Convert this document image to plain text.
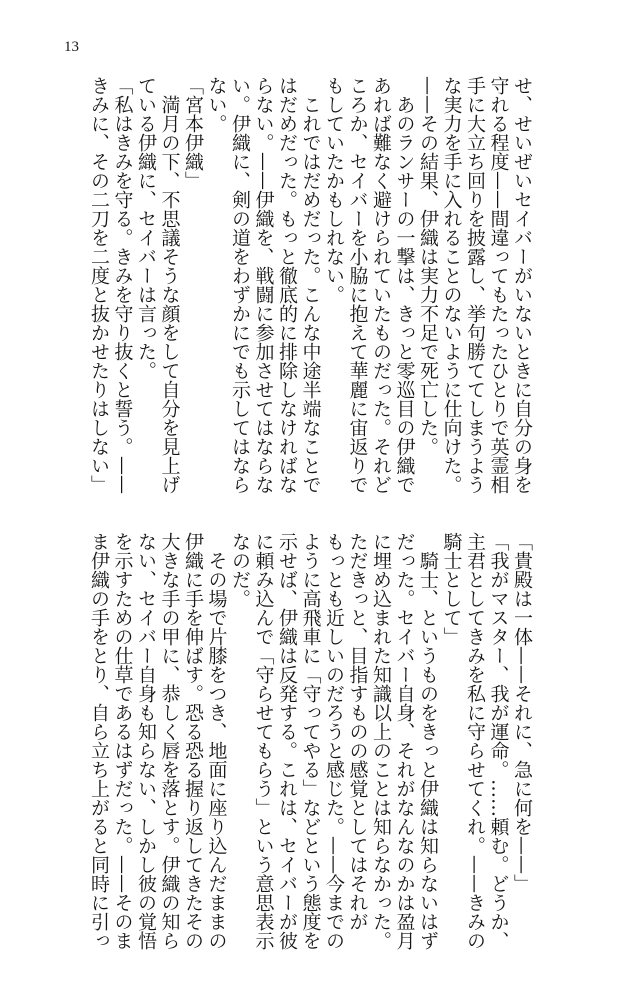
13
せ、せいぜいセイバーがいないときに自分の身を
守れる程度——間違ってもたったひとりで英霊相
手に大立ち回りを披露し、挙句勝ててしまうよう
な実力を手に入れることのないように仕向けた。
——その結果、伊織は実力不足で死亡した。
あのランサーの一撃は、きっと零巡目の伊織で
あれば難なく避けられていたものだった。それど
ころか、セイバーを小脇に抱えて華麗に宙返りで
もしていたかもしれない。
これではだめだった。こんな中途半端なことで
はだめだった。もっと徹底的に排除しなければな
らない。——伊織を、戦闘に参加させてはならな
い。伊織に、剣の道をわずかにでも示してはなら
ない。
「宮本伊織」
満月の下、不思議そうな顔をして自分を見上げ
ている伊織に、セイバーは言った。
「私はきみを守る。きみを守り抜くと誓う。——
きみに、その二刀を二度と抜かせたりはしない」
「貴殿は一体——それに、急に何を——」
「我がマスター、我が運命。……頼む。どうか、
主君としてきみを私に守らせてくれ。——きみの
騎士として」
騎士、というものをきっと伊織は知らないはず
だった。セイバー自身、それがなんなのかは盈月
に埋め込まれた知識以上のことは知らなかった。
ただきっと、目指すものの感覚としてはそれが
もっとも近しいのだろうと感じた。——今までの
ように高飛車に「守ってやる」などという態度を
示せば、伊織は反発する。これは、セイバーが彼
に頼み込んで「守らせてもらう」という意思表示
なのだ。
その場で片膝をつき、地面に座り込んだままの
伊織に手を伸ばす。恐る恐る握り返してきたその
大きな手の甲に、恭しく唇を落とす。伊織の知ら
ない、セイバー自身も知らない、しかし彼の覚悟
を示すための仕草であるはずだった。——そのま
ま伊織の手をとり、自ら立ち上がると同時に引っ
